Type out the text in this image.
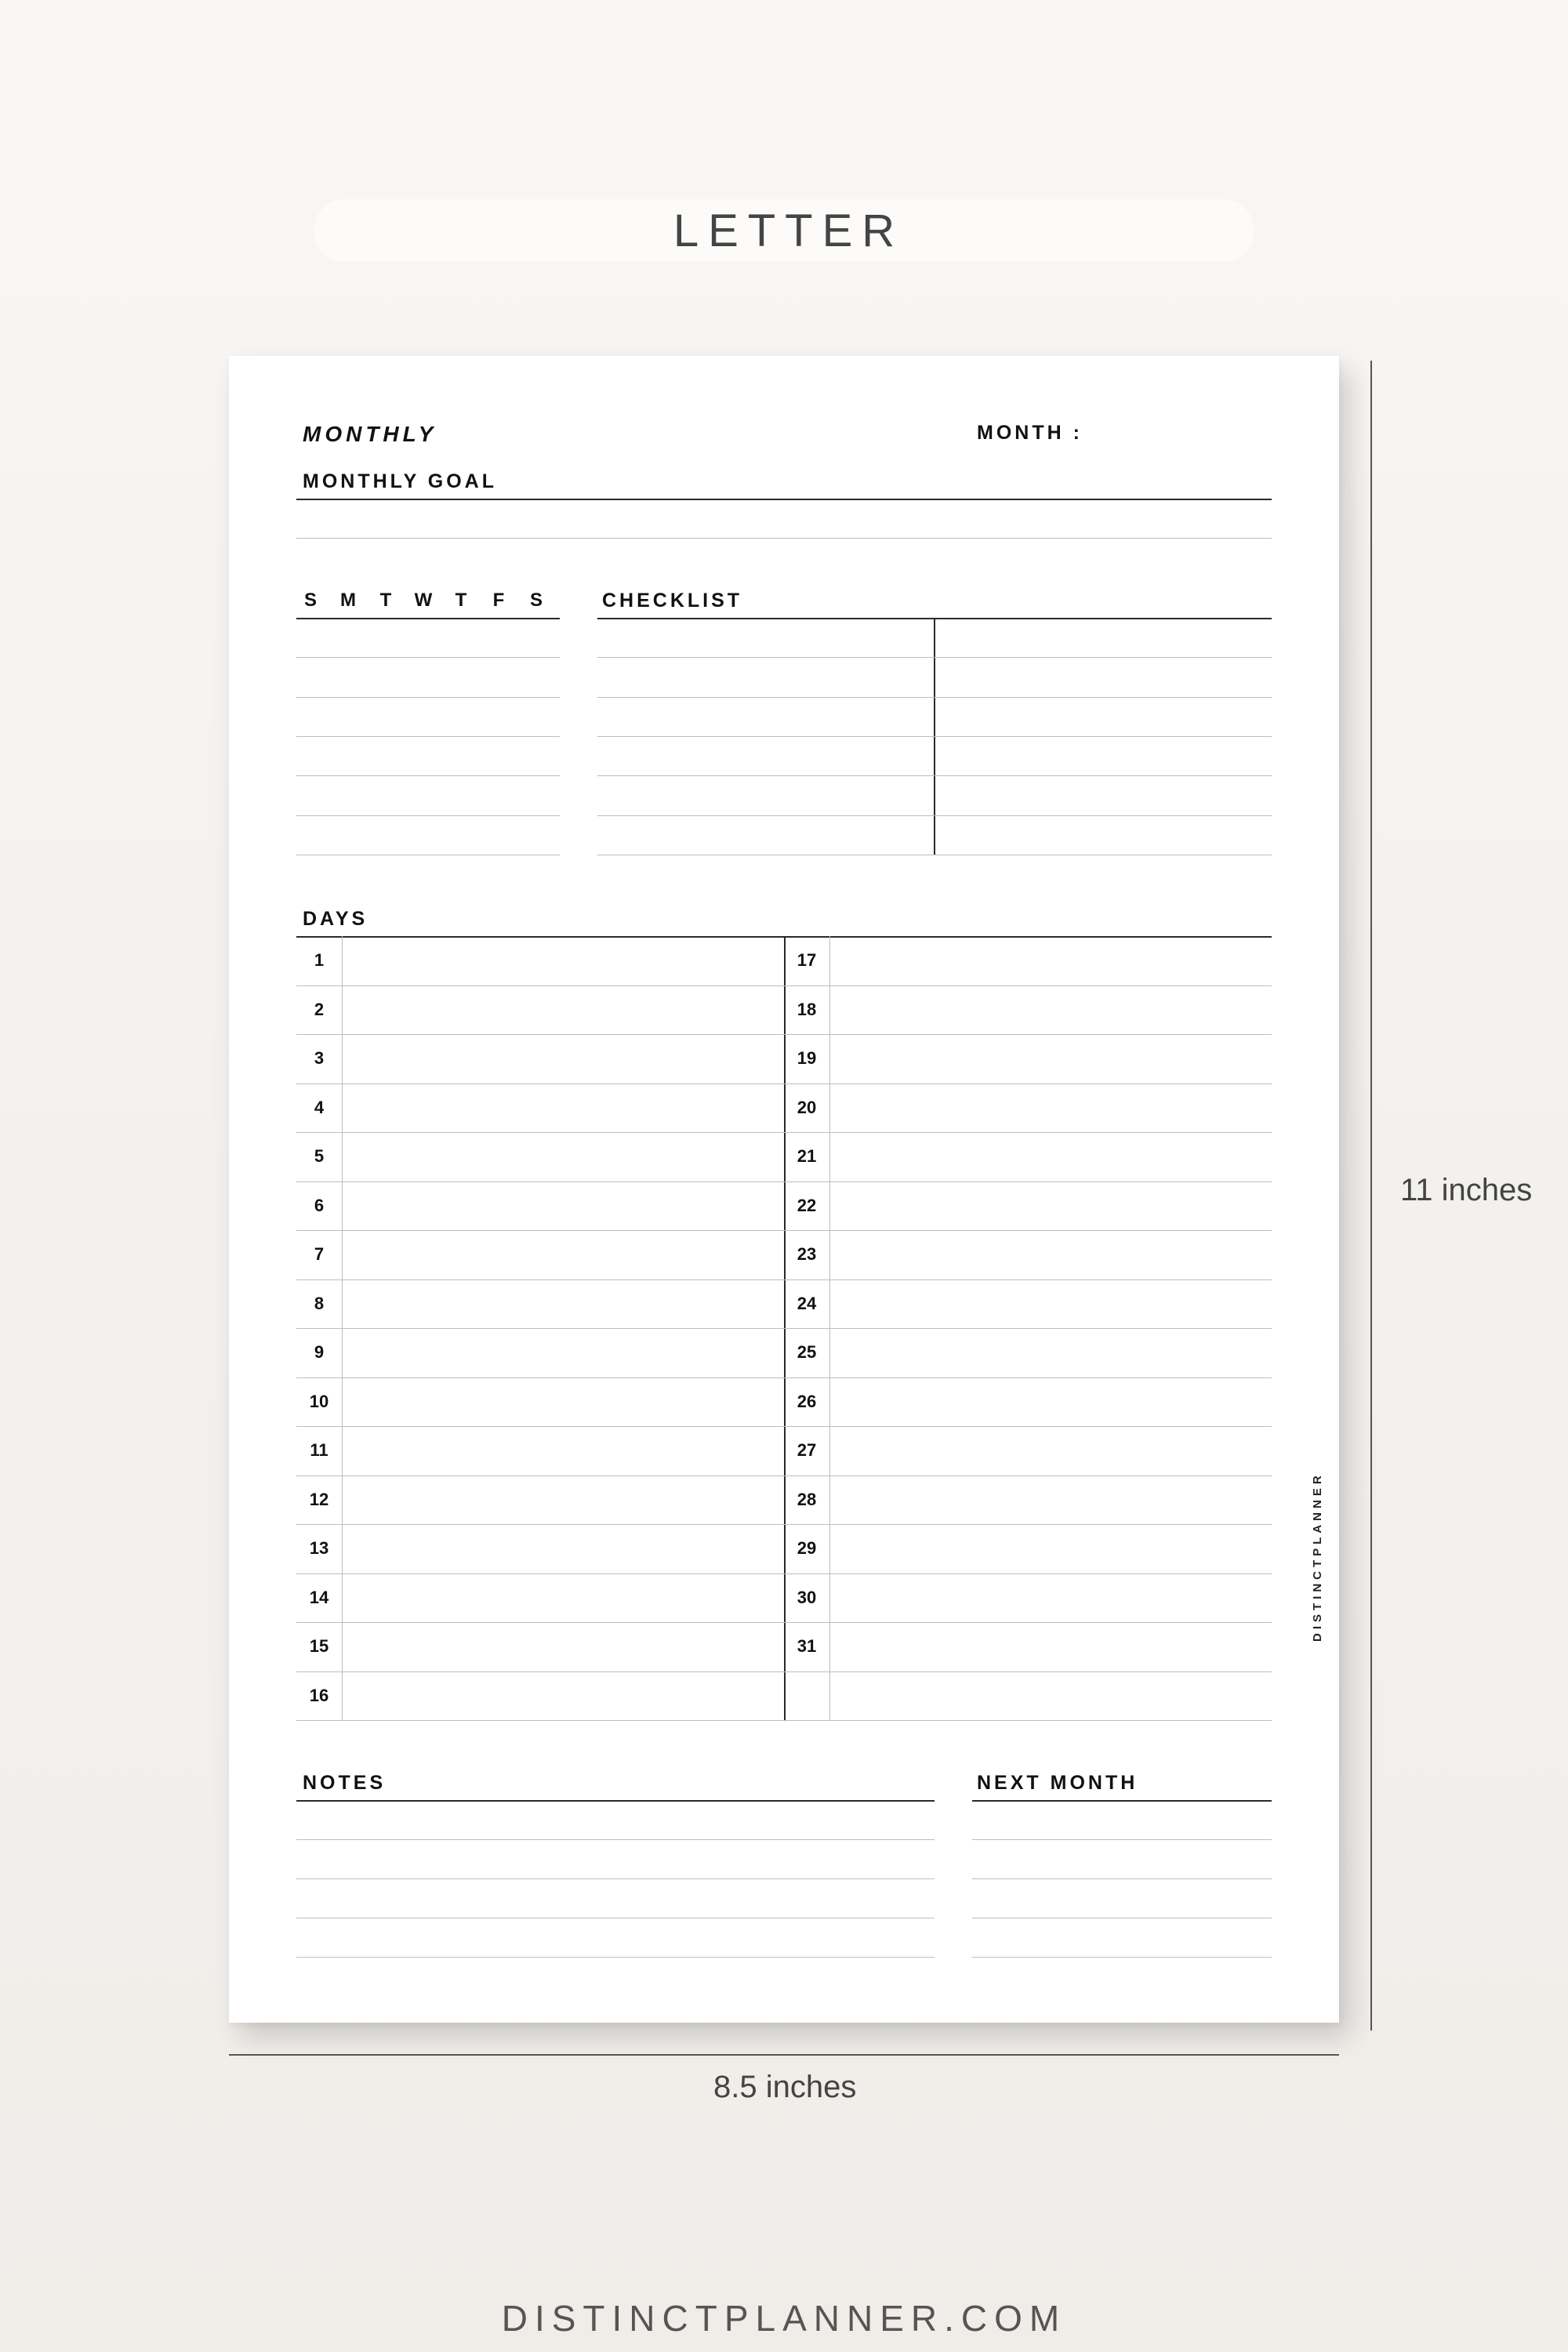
LETTER
MONTHLY	MONTH :
MONTHLY GOAL
S M T W T F S	CHECKLIST
DAYS
1	17
2	18
3	19
4	20
5	21
6	22
7	23
8	24
9	25
10	26
11	27
12	28
13	29
14	30
15	31
16
NOTES	NEXT MONTH
DISTINCTPLANNER
11 inches
8.5 inches
DISTINCTPLANNER.COM
